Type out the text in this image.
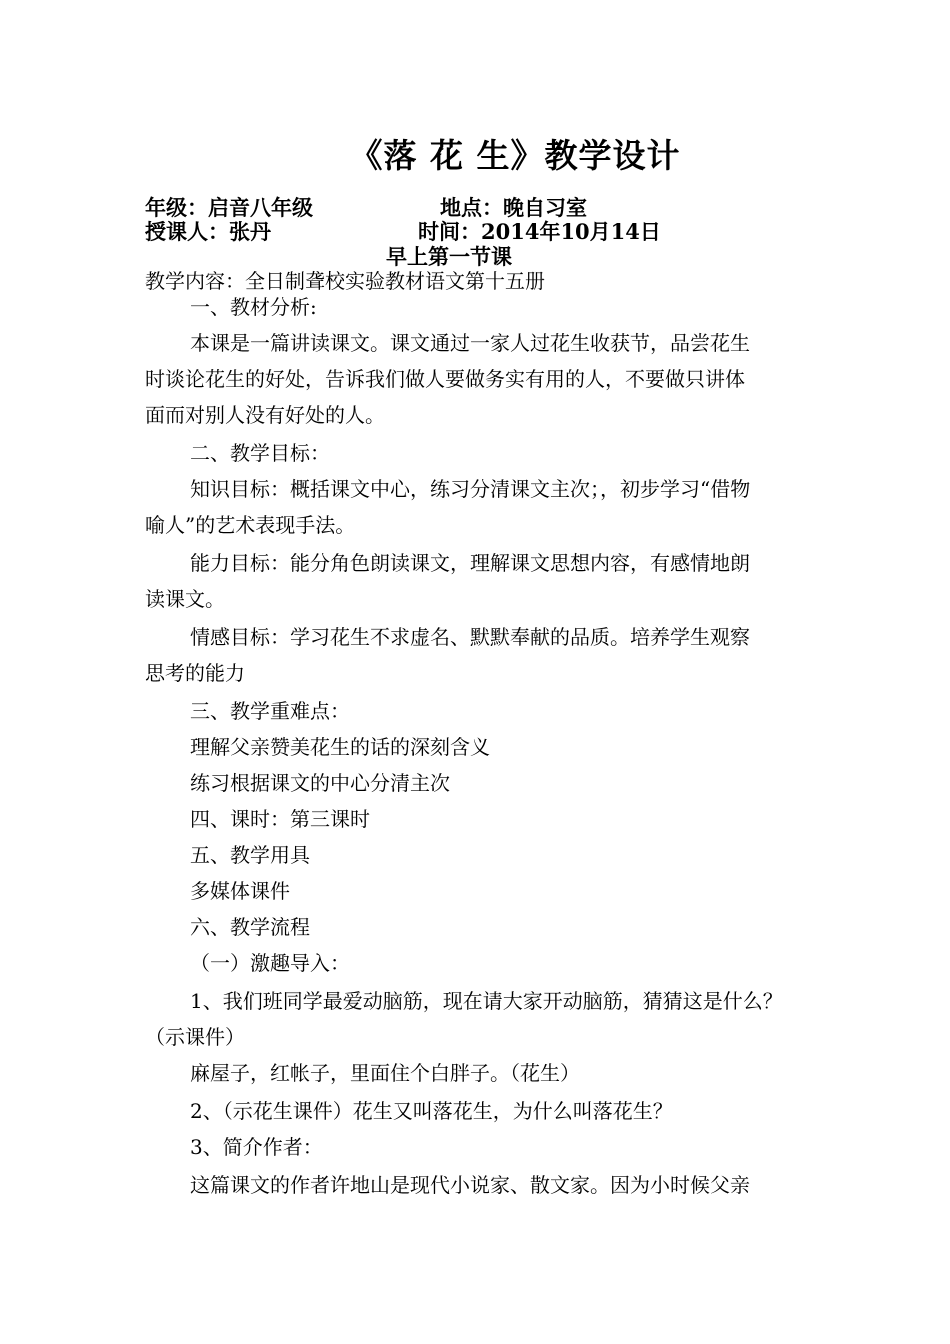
《落 花 生》教学设计
年级：启音八年级	地点：晚自习室
授课人：张丹	时间：2014年10月14日
早上第一节课
教学内容：全日制聋校实验教材语文第十五册
一、教材分析:
本课是一篇讲读课文。课文通过一家人过花生收获节，品尝花生
时谈论花生的好处，告诉我们做人要做务实有用的人，不要做只讲体
面而对别人没有好处的人。
二、教学目标：
知识目标：概括课文中心，练习分清课文主次；，初步学习“借物
喻人”的艺术表现手法。
能力目标：能分角色朗读课文，理解课文思想内容，有感情地朗
读课文。
情感目标：学习花生不求虚名、默默奉献的品质。培养学生观察
思考的能力
三、教学重难点：
理解父亲赞美花生的话的深刻含义
练习根据课文的中心分清主次
四、课时：第三课时
五、教学用具
多媒体课件
六、教学流程
（一）激趣导入：
1、我们班同学最爱动脑筋，现在请大家开动脑筋，猜猜这是什么？
（示课件）
麻屋子，红帐子，里面住个白胖子。（花生）
2、（示花生课件）花生又叫落花生，为什么叫落花生？
3、简介作者：
这篇课文的作者许地山是现代小说家、散文家。因为小时候父亲
